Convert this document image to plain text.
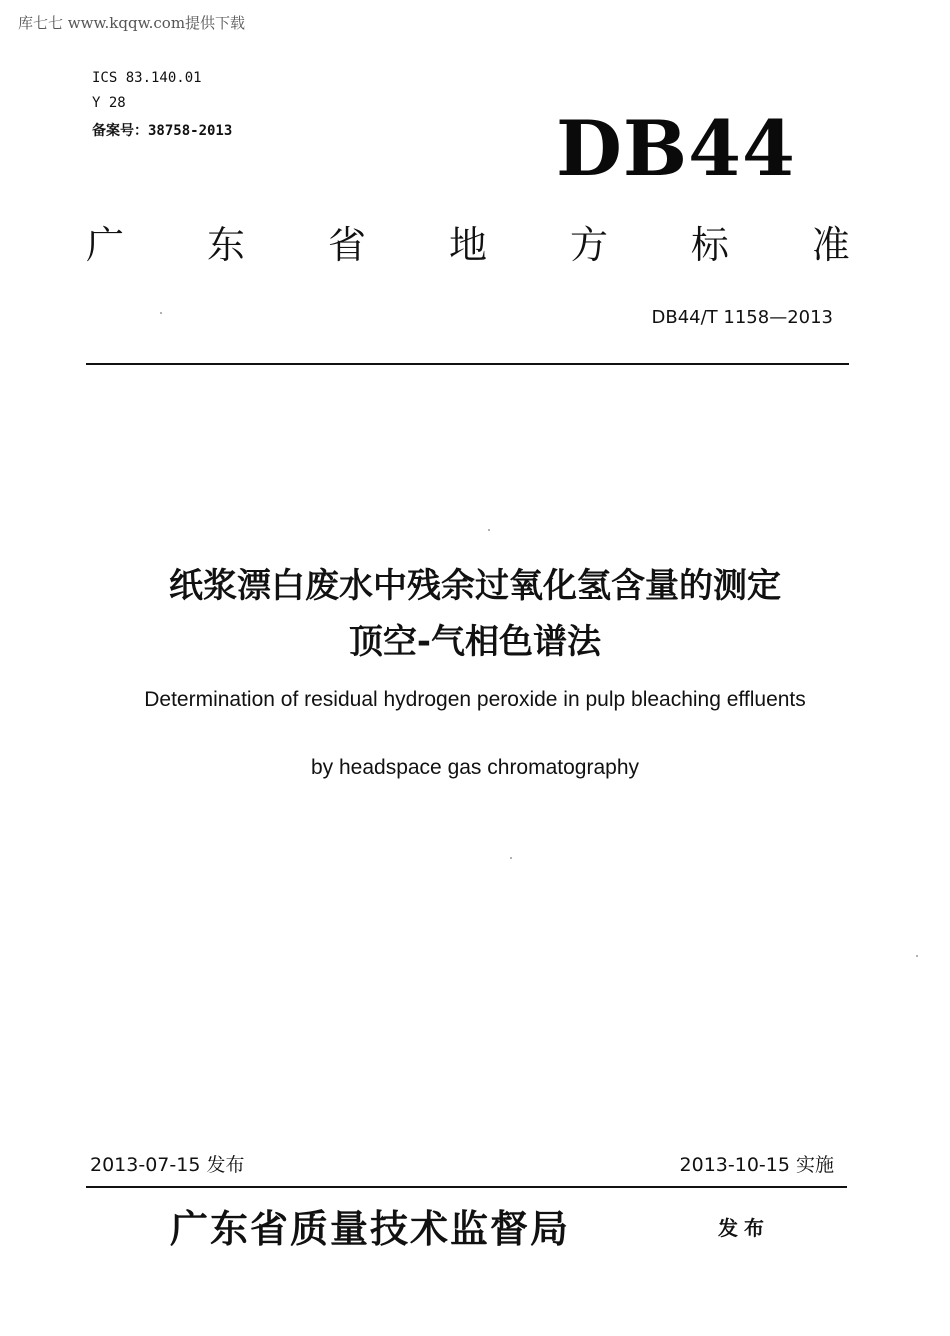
库七七 www.kqqw.com提供下载
ICS 83.140.01
Y 28
备案号：38758-2013	DB44
广 东 省 地 方 标 准
DB44/T 1158—2013
纸浆漂白废水中残余过氧化氢含量的测定
顶空-气相色谱法
Determination of residual hydrogen peroxide in pulp bleaching effluents
by headspace gas chromatography
2013-07-15 发布	2013-10-15 实施
广东省质量技术监督局	发布
